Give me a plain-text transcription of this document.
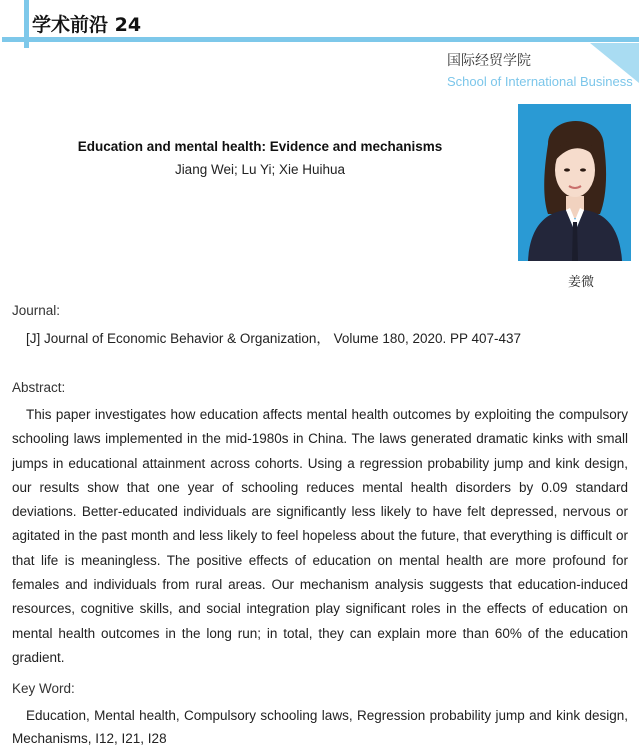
学术前沿 24
国际经贸学院
School of International Business
Education and mental health: Evidence and mechanisms
Jiang Wei; Lu Yi; Xie Huihua
姜微
Journal:
[J] Journal of Economic Behavior & Organization， Volume 180, 2020. PP 407-437
Abstract:
This paper investigates how education affects mental health outcomes by exploiting the compulsory schooling laws implemented in the mid-1980s in China. The laws generated dramatic kinks with small jumps in educational attainment across cohorts. Using a regression probability jump and kink design, our results show that one year of schooling reduces mental health disorders by 0.09 standard deviations. Better-educated individuals are significantly less likely to have felt depressed, nervous or agitated in the past month and less likely to feel hopeless about the future, that everything is difficult or that life is meaningless. The positive effects of education on mental health are more profound for females and individuals from rural areas. Our mechanism analysis suggests that education-induced resources, cognitive skills, and social integration play significant roles in the effects of education on mental health outcomes in the long run; in total, they can explain more than 60% of the education gradient.
Key Word:
Education, Mental health, Compulsory schooling laws, Regression probability jump and kink design, Mechanisms, I12, I21, I28
